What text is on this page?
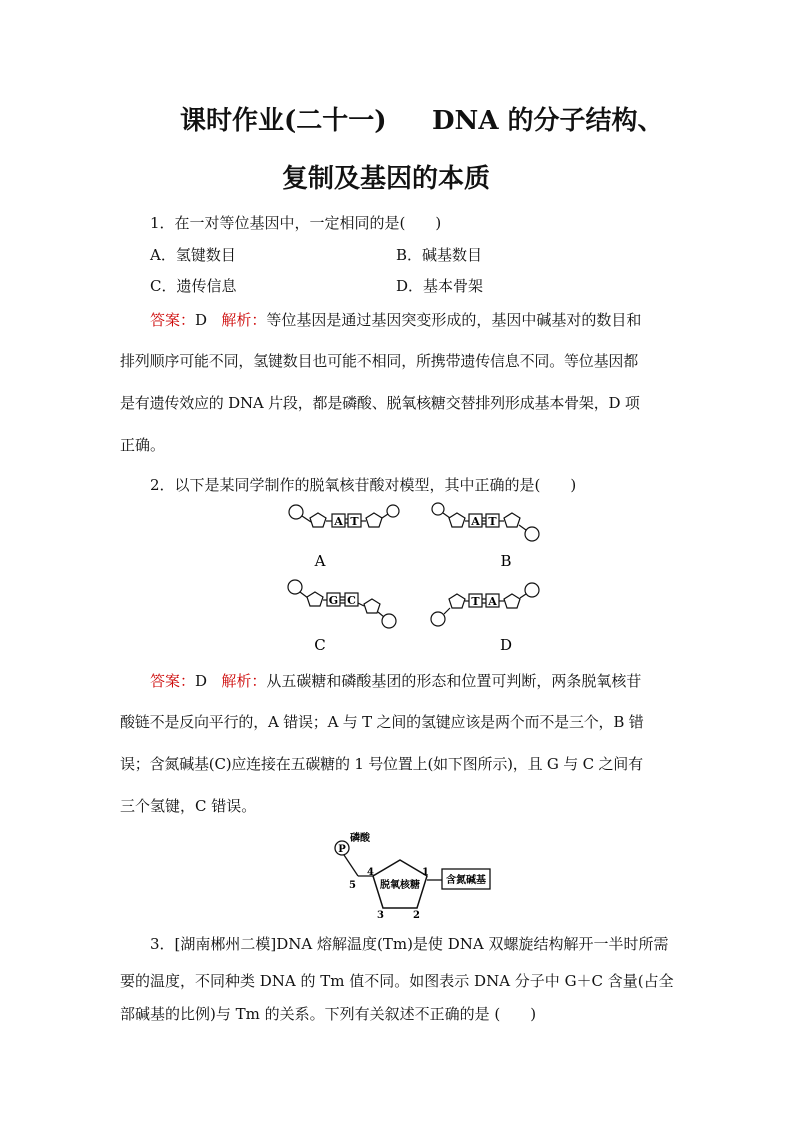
课时作业(二十一) DNA 的分子结构、
复制及基因的本质
1．在一对等位基因中，一定相同的是(　　)
A．氢键数目	B．碱基数目
C．遗传信息	D．基本骨架
答案：D 解析：等位基因是通过基因突变形成的，基因中碱基对的数目和
排列顺序可能不同，氢键数目也可能不相同，所携带遗传信息不同。等位基因都
是有遗传效应的 DNA 片段，都是磷酸、脱氧核糖交替排列形成基本骨架，D 项
正确。
2．以下是某同学制作的脱氧核苷酸对模型，其中正确的是(　　)
A T
A
A T
B
G C
C
T A
D
答案：D 解析：从五碳糖和磷酸基团的形态和位置可判断，两条脱氧核苷
酸链不是反向平行的，A 错误；A 与 T 之间的氢键应该是两个而不是三个，B 错
误；含氮碱基(C)应连接在五碳糖的 1 号位置上(如下图所示)，且 G 与 C 之间有
三个氢键，C 错误。
P
磷酸
脱氧核糖	含氮碱基
1
2
3
4
5
3．[湖南郴州二模]DNA 熔解温度(Tm)是使 DNA 双螺旋结构解开一半时所需
要的温度，不同种类 DNA 的 Tm 值不同。如图表示 DNA 分子中 G＋C 含量(占全
部碱基的比例)与 Tm 的关系。下列有关叙述不正确的是 (　　)
